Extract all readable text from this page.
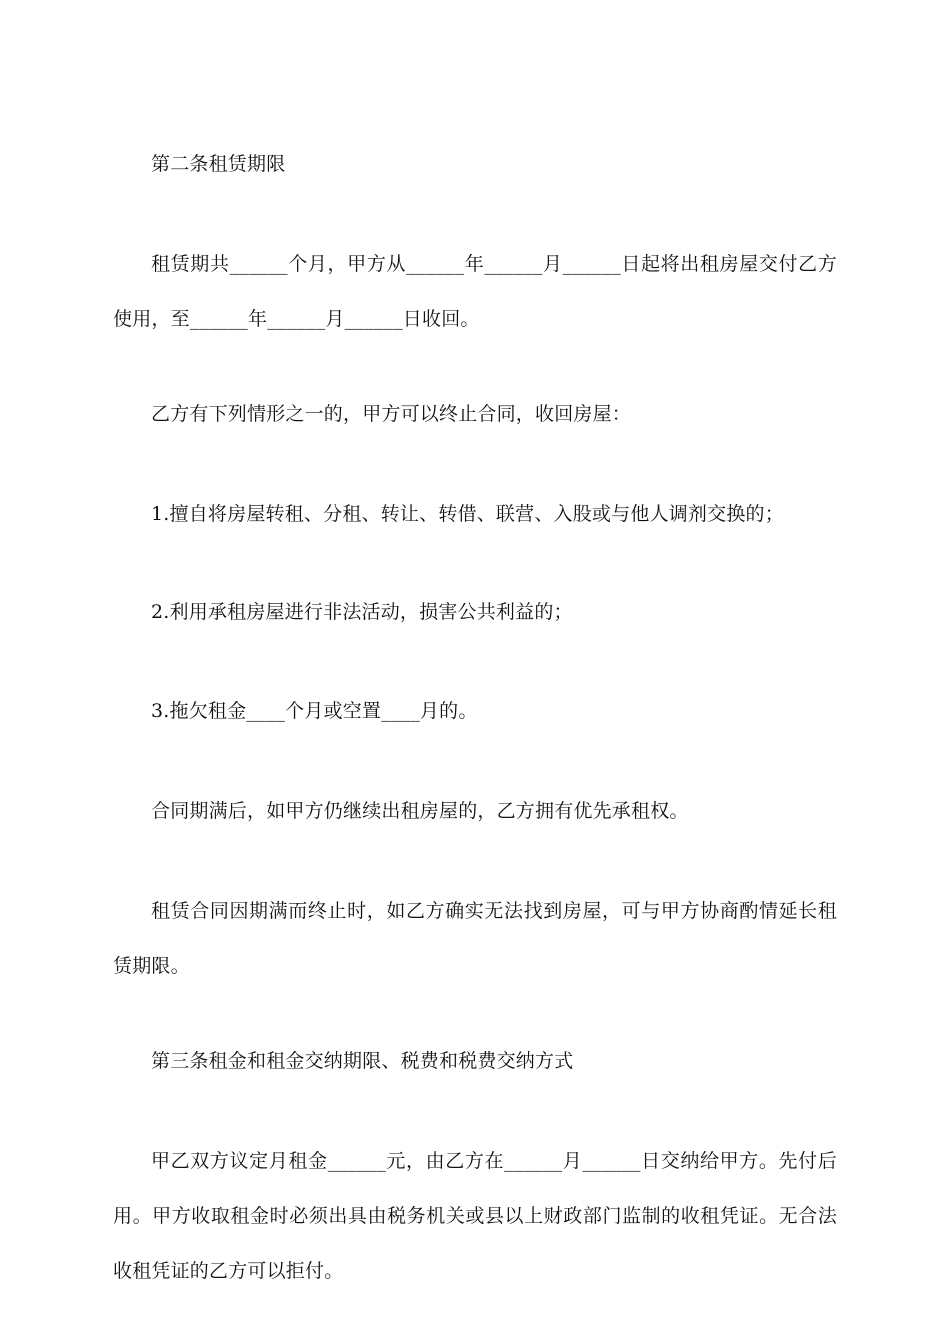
第二条租赁期限

租赁期共______个月，甲方从______年______月______日起将出租房屋交付乙方使用，至______年______月______日收回。

乙方有下列情形之一的，甲方可以终止合同，收回房屋：

1.擅自将房屋转租、分租、转让、转借、联营、入股或与他人调剂交换的；

2.利用承租房屋进行非法活动，损害公共利益的；

3.拖欠租金____个月或空置____月的。

合同期满后，如甲方仍继续出租房屋的，乙方拥有优先承租权。

租赁合同因期满而终止时，如乙方确实无法找到房屋，可与甲方协商酌情延长租赁期限。

第三条租金和租金交纳期限、税费和税费交纳方式

甲乙双方议定月租金______元，由乙方在______月______日交纳给甲方。先付后用。甲方收取租金时必须出具由税务机关或县以上财政部门监制的收租凭证。无合法收租凭证的乙方可以拒付。
